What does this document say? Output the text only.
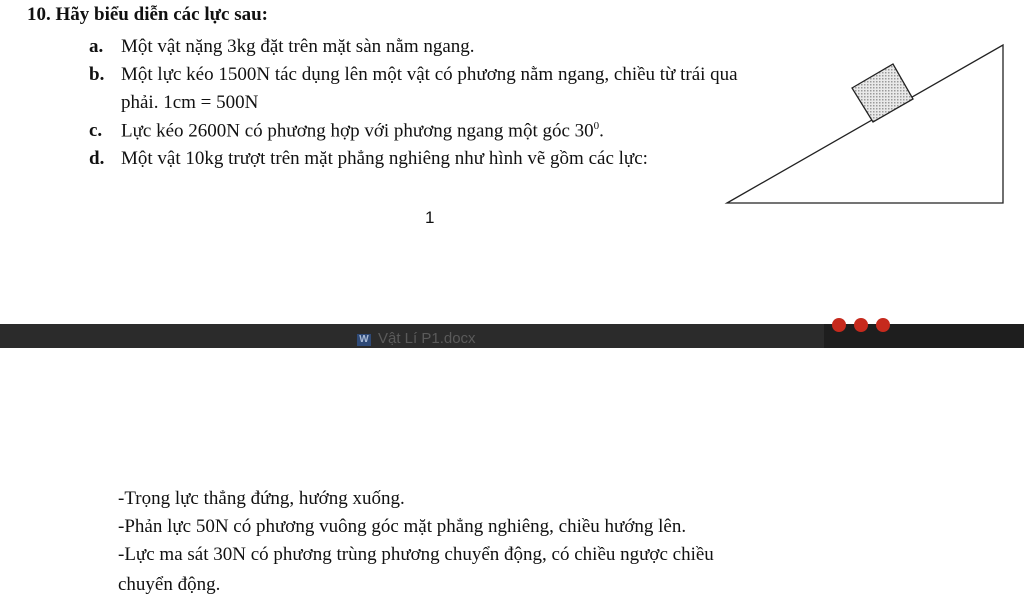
10. Hãy biểu diễn các lực sau:
a. Một vật nặng 3kg đặt trên mặt sàn nằm ngang.
b. Một lực kéo 1500N tác dụng lên một vật có phương nằm ngang, chiều từ trái qua
phải. 1cm = 500N
c. Lực kéo 2600N có phương hợp với phương ngang một góc $30^0$.
d. Một vật 10kg trượt trên mặt phẳng nghiêng như hình vẽ gồm các lực:
1
W Vật Lí P1.docx
-Trọng lực thẳng đứng, hướng xuống.
-Phản lực 50N có phương vuông góc mặt phẳng nghiêng, chiều hướng lên.
-Lực ma sát 30N có phương trùng phương chuyển động, có chiều ngược chiều
chuyển động.
